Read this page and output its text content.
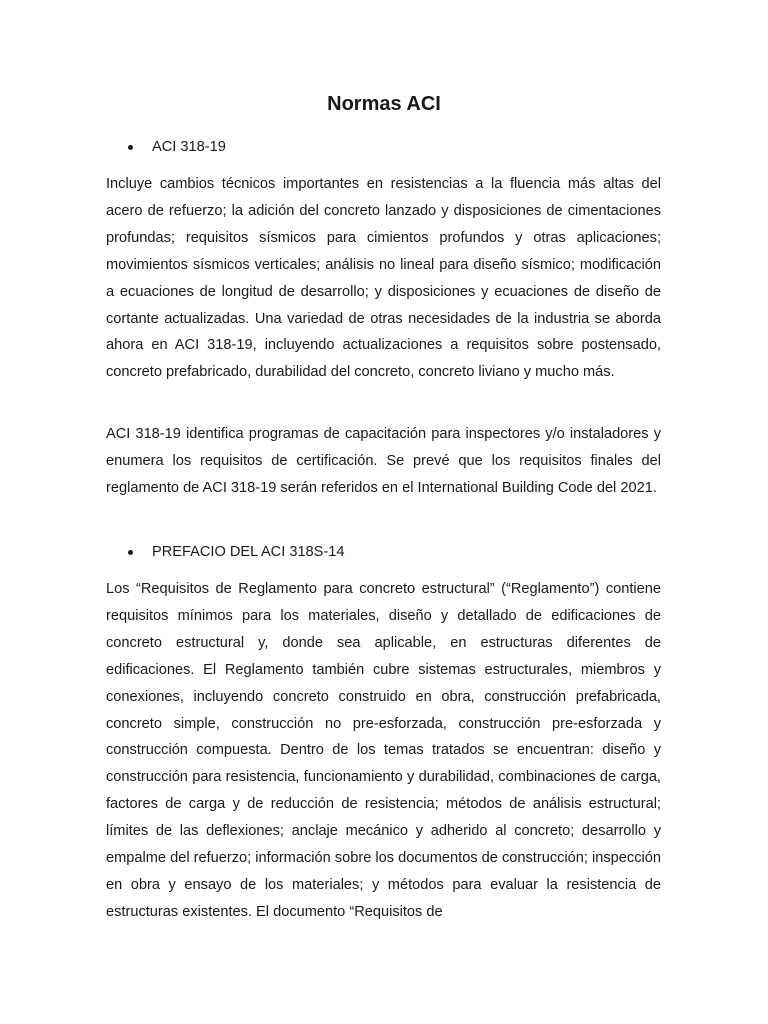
Normas ACI
ACI 318-19

Incluye cambios técnicos importantes en resistencias a la fluencia más altas del acero de refuerzo; la adición del concreto lanzado y disposiciones de cimentaciones profundas; requisitos sísmicos para cimientos profundos y otras aplicaciones; movimientos sísmicos verticales; análisis no lineal para diseño sísmico; modificación a ecuaciones de longitud de desarrollo; y disposiciones y ecuaciones de diseño de cortante actualizadas. Una variedad de otras necesidades de la industria se aborda ahora en ACI 318-19, incluyendo actualizaciones a requisitos sobre postensado, concreto prefabricado, durabilidad del concreto, concreto liviano y mucho más.

ACI 318-19 identifica programas de capacitación para inspectores y/o instaladores y enumera los requisitos de certificación. Se prevé que los requisitos finales del reglamento de ACI 318-19 serán referidos en el International Building Code del 2021.

PREFACIO DEL ACI 318S-14

Los “Requisitos de Reglamento para concreto estructural” (“Reglamento”) contiene requisitos mínimos para los materiales, diseño y detallado de edificaciones de concreto estructural y, donde sea aplicable, en estructuras diferentes de edificaciones. El Reglamento también cubre sistemas estructurales, miembros y conexiones, incluyendo concreto construido en obra, construcción prefabricada, concreto simple, construcción no pre-esforzada, construcción pre-esforzada y construcción compuesta. Dentro de los temas tratados se encuentran: diseño y construcción para resistencia, funcionamiento y durabilidad, combinaciones de carga, factores de carga y de reducción de resistencia; métodos de análisis estructural; límites de las deflexiones; anclaje mecánico y adherido al concreto; desarrollo y empalme del refuerzo; información sobre los documentos de construcción; inspección en obra y ensayo de los materiales; y métodos para evaluar la resistencia de estructuras existentes. El documento “Requisitos de
